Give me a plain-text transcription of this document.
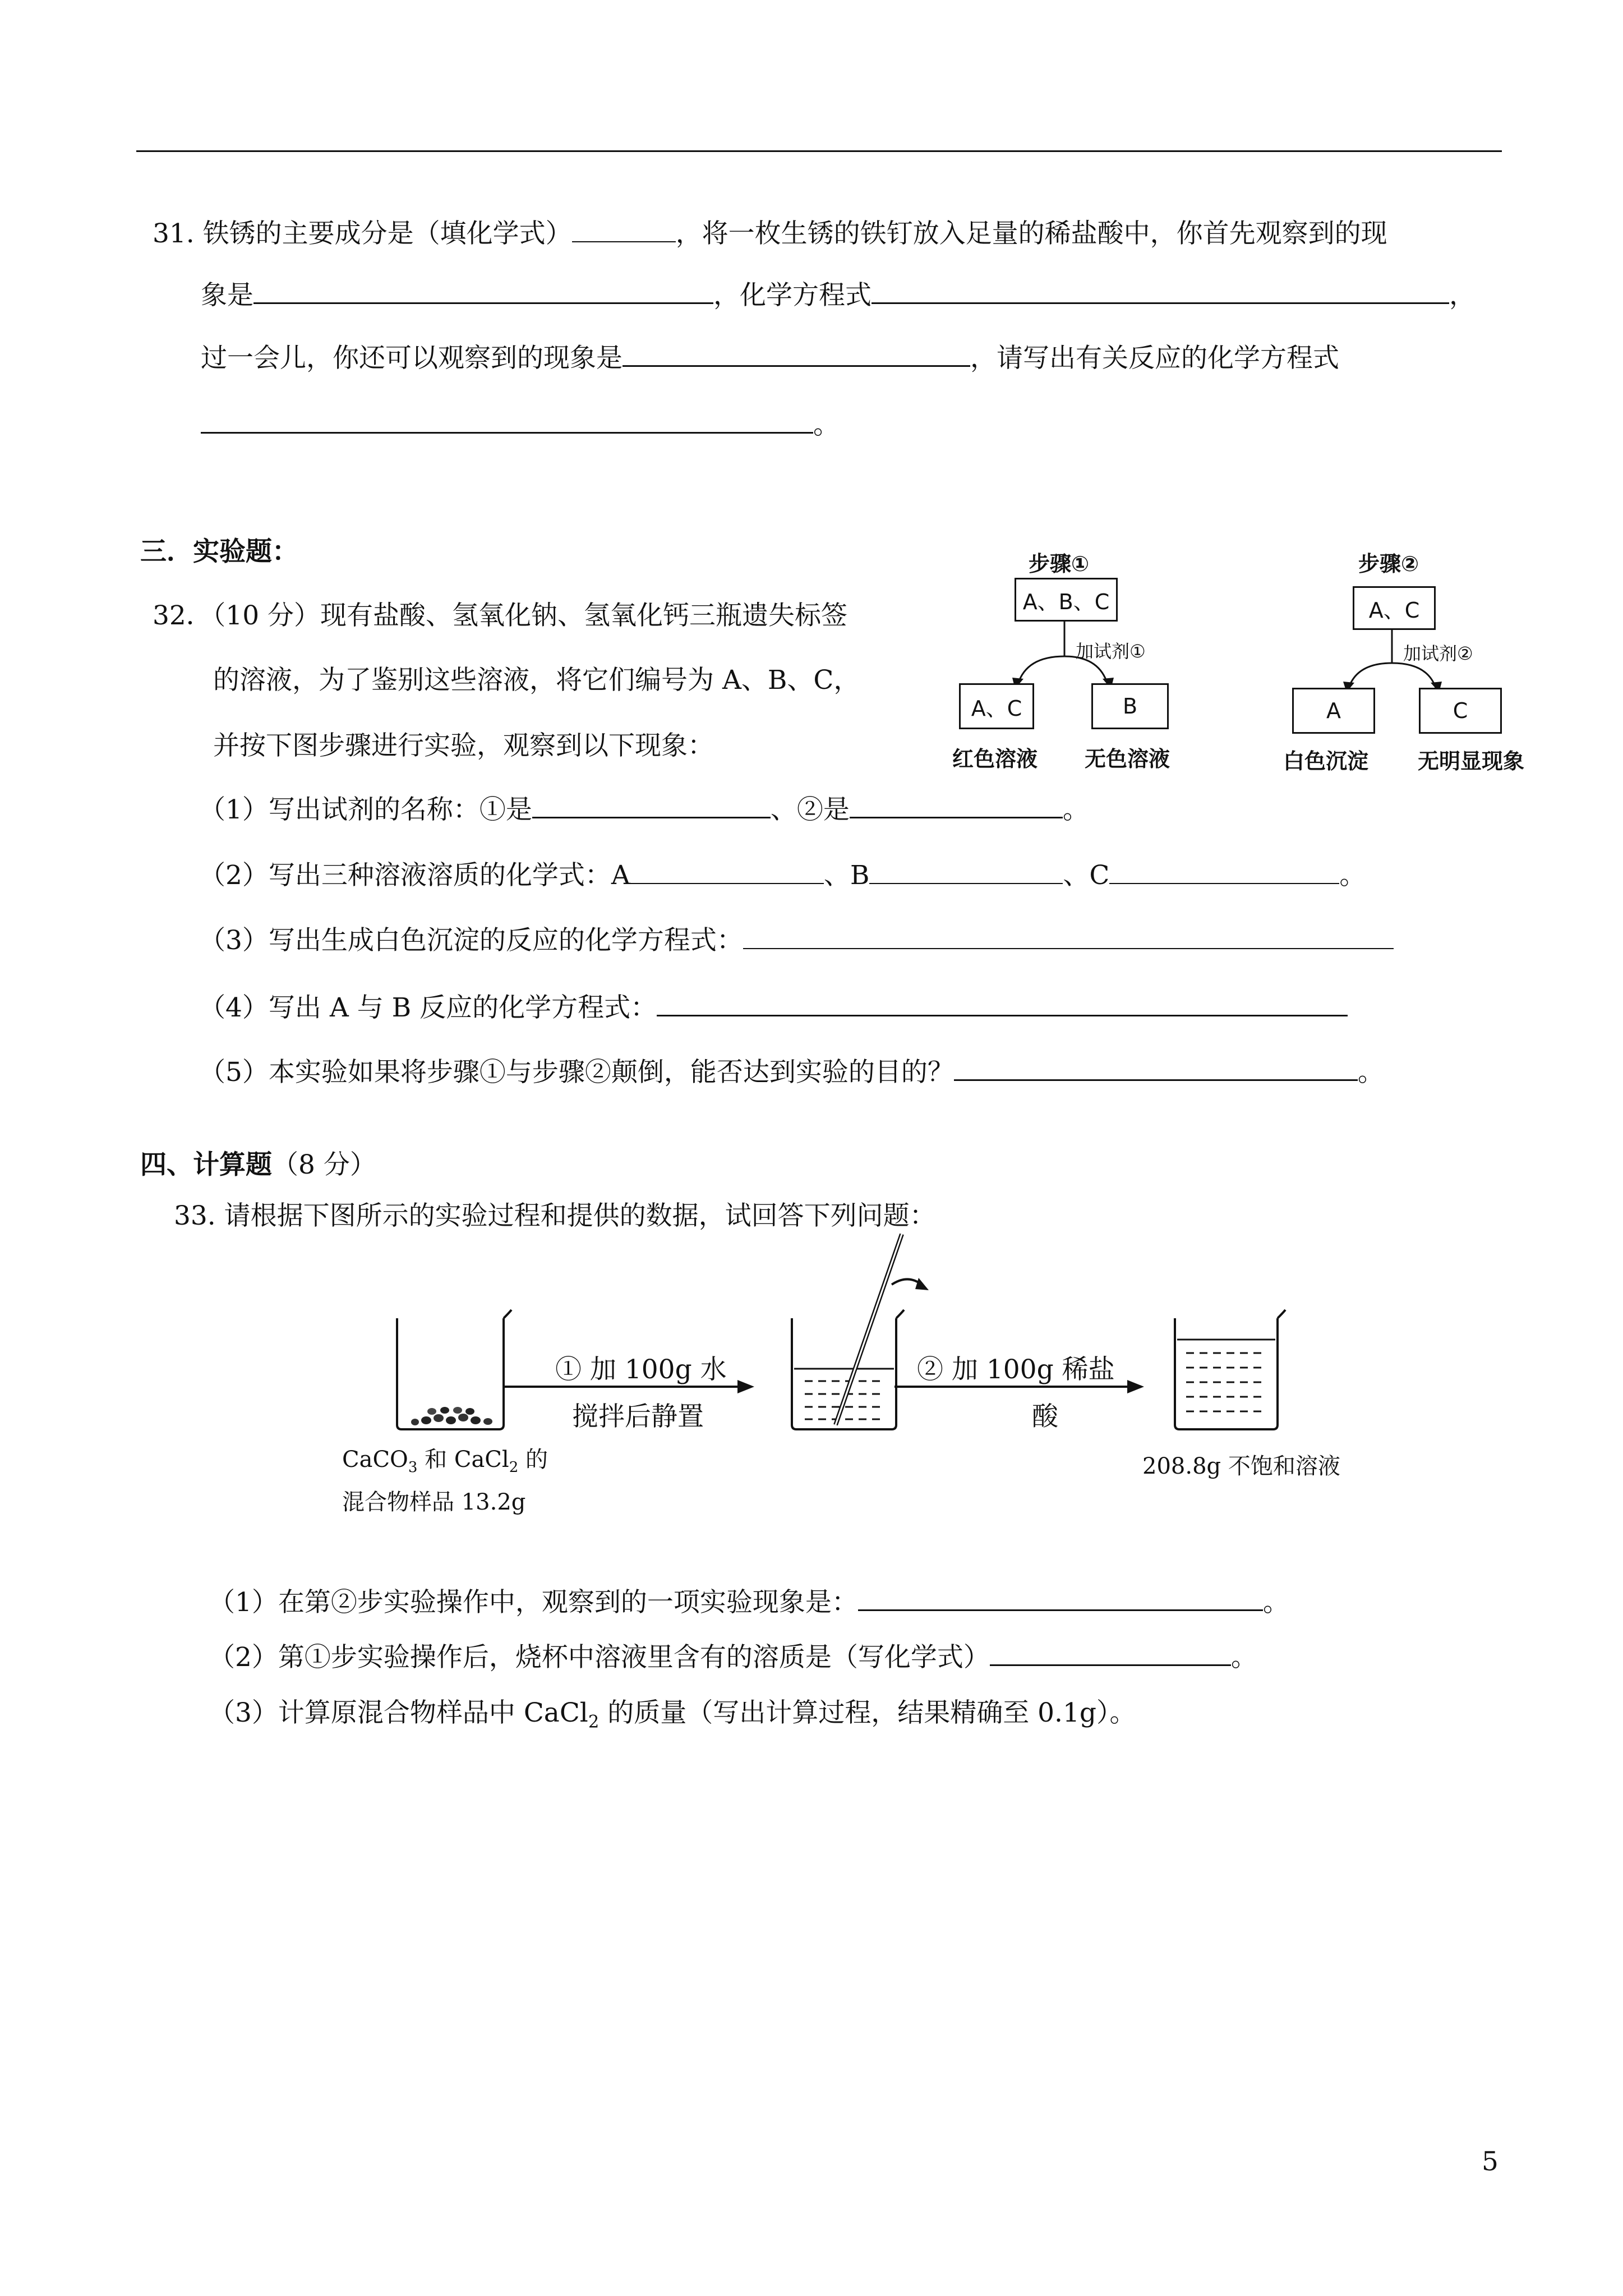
31. 铁锈的主要成分是（填化学式）	，将一枚生锈的铁钉放入足量的稀盐酸中，你首先观察到的现
象是	，化学方程式	，
过一会儿，你还可以观察到的现象是	，请写出有关反应的化学方程式
。
三．实验题：
32．（10 分）现有盐酸、氢氧化钠、氢氧化钙三瓶遗失标签
的溶液，为了鉴别这些溶液，将它们编号为 A、B、C，
并按下图步骤进行实验，观察到以下现象：
步骤①
A、B、C
加试剂①
A、C	B
红色溶液 无色溶液
步骤②
A、C
加试剂②
A	C
白色沉淀 无明显现象
（1）写出试剂的名称：①是	、②是	。
（2）写出三种溶液溶质的化学式：A	、B	、C	。
（3）写出生成白色沉淀的反应的化学方程式：
（4）写出 A 与 B 反应的化学方程式：
（5）本实验如果将步骤①与步骤②颠倒，能否达到实验的目的？	。
四、计算题（8 分）
33. 请根据下图所示的实验过程和提供的数据，试回答下列问题：
① 加 100g 水
搅拌后静置
② 加 100g 稀盐
酸
CaCO$_3$ 和 CaCl$_2$ 的
混合物样品 13.2g
208.8g 不饱和溶液
（1）在第②步实验操作中，观察到的一项实验现象是：	。
（2）第①步实验操作后，烧杯中溶液里含有的溶质是（写化学式）	。
（3）计算原混合物样品中 CaCl$_2$ 的质量（写出计算过程，结果精确至 0.1g）。
5
